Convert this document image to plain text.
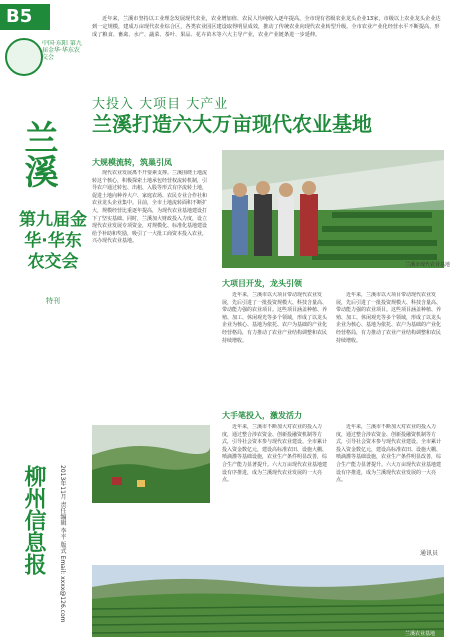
B5
中国·东阳 第九届金华·华东农交会
兰溪
第九届金华·华东农交会
特刊
柳州信息报 2013年11月 责任编辑 李平 版式 Email: xxxx@126.com
近年来，兰溪市坚持以工业理念发展现代农业，农业增加值、农民人均纯收入逐年提高。全市现有省级农业龙头企业13家，市级以上农业龙头企业达到一定规模，建成万亩现代农业综合区，各类农业园区建设取得明显成效，推动了传统农业向现代农业转型升级。全市农业产业化经营水平不断提高，形成了粮食、畜禽、水产、蔬菜、茶叶、果品、花卉苗木等六大主导产业，农业产业链条进一步延伸。
大投入 大项目 大产业
兰溪打造六大万亩现代农业基地
大规模流转，筑巢引凤
现代农业发展离不开要素支撑。兰溪围绕土地流转这个核心，积极探索土地承包经营权流转机制，引导农户通过转包、出租、入股等形式有序流转土地，促进土地向种养大户、家庭农场、农民专业合作社和农业龙头企业集中。目前，全市土地流转面积不断扩大，规模经营比重逐年提高，为现代农业基地建设打下了坚实基础。同时，兰溪加大财政投入力度，设立现代农业发展专项资金，对规模化、标准化基地建设给予补助和奖励，吸引了一大批工商资本投入农业，兴办现代农业基地。
兰溪市现代农业基地
大项目开发，龙头引领
近年来，兰溪市以大项目带动现代农业发展，先后引进了一批投资规模大、科技含量高、带动能力强的农业项目。这些项目涵盖种植、养殖、加工、休闲观光等多个领域，形成了以龙头企业为核心、基地为依托、农户为基础的产业化经营格局，有力推动了农业产业结构调整和农民持续增收。
近年来，兰溪市以大项目带动现代农业发展，先后引进了一批投资规模大、科技含量高、带动能力强的农业项目。这些项目涵盖种植、养殖、加工、休闲观光等多个领域，形成了以龙头企业为核心、基地为依托、农户为基础的产业化经营格局，有力推动了农业产业结构调整和农民持续增收。
大手笔投入，激发活力
近年来，兰溪市不断加大对农业的投入力度，通过整合涉农资金、创新投融资机制等方式，引导社会资本参与现代农业建设。全市累计投入资金数亿元，建设高标准农田、设施大棚、喷滴灌等基础设施，农业生产条件明显改善，综合生产能力显著提升。六大万亩现代农业基地建设有序推进，成为兰溪现代农业发展的一大亮点。
近年来，兰溪市不断加大对农业的投入力度，通过整合涉农资金、创新投融资机制等方式，引导社会资本参与现代农业建设。全市累计投入资金数亿元，建设高标准农田、设施大棚、喷滴灌等基础设施，农业生产条件明显改善，综合生产能力显著提升。六大万亩现代农业基地建设有序推进，成为兰溪现代农业发展的一大亮点。
通讯员
兰溪农业基地
